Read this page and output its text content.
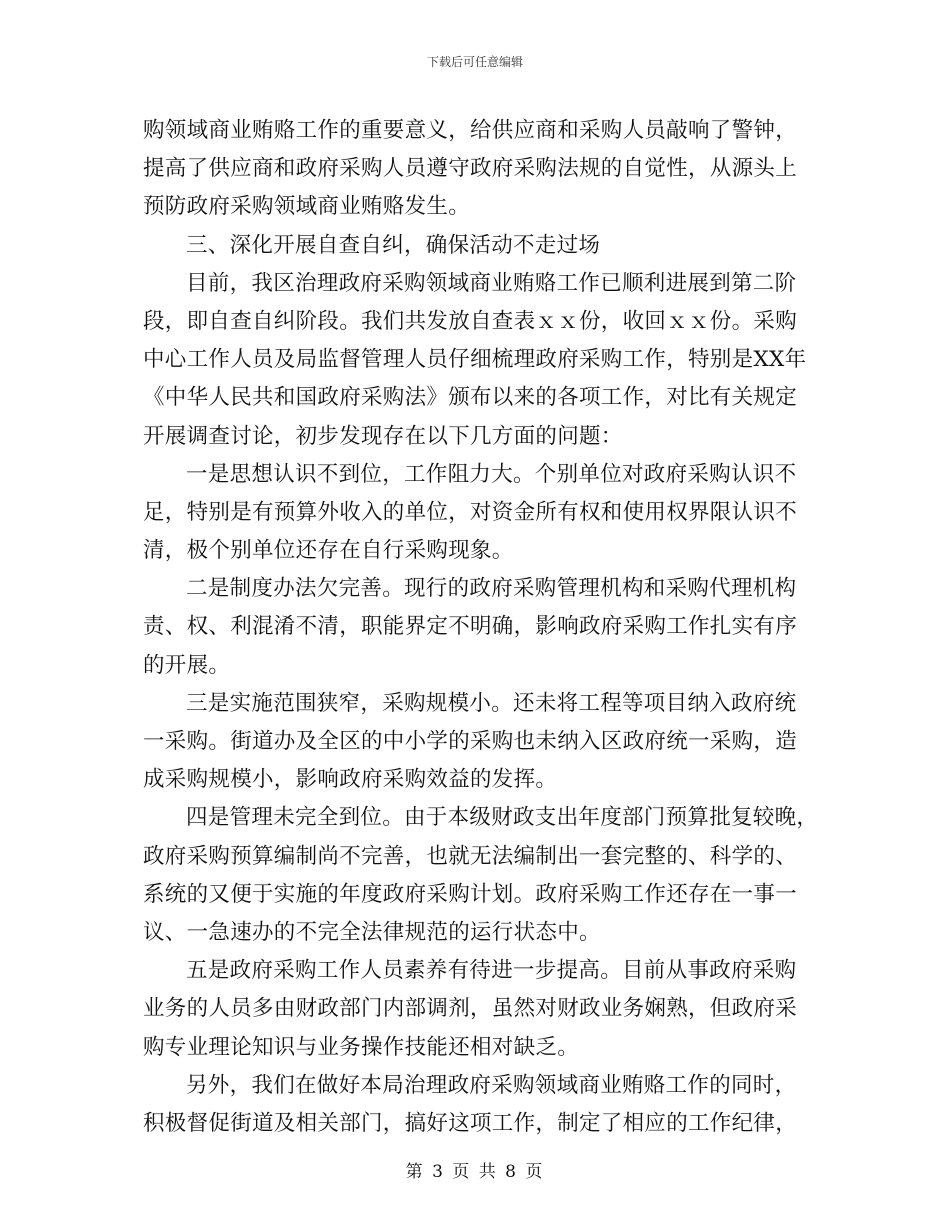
下载后可任意编辑
购领域商业贿赂工作的重要意义，给供应商和采购人员敲响了警钟，
提高了供应商和政府采购人员遵守政府采购法规的自觉性，从源头上
预防政府采购领域商业贿赂发生。
三、深化开展自查自纠，确保活动不走过场
目前，我区治理政府采购领域商业贿赂工作已顺利进展到第二阶
段，即自查自纠阶段。我们共发放自查表ｘｘ份，收回ｘｘ份。采购
中心工作人员及局监督管理人员仔细梳理政府采购工作，特别是XX年
《中华人民共和国政府采购法》颁布以来的各项工作，对比有关规定
开展调查讨论，初步发现存在以下几方面的问题：
一是思想认识不到位，工作阻力大。个别单位对政府采购认识不
足，特别是有预算外收入的单位，对资金所有权和使用权界限认识不
清，极个别单位还存在自行采购现象。
二是制度办法欠完善。现行的政府采购管理机构和采购代理机构
责、权、利混淆不清，职能界定不明确，影响政府采购工作扎实有序
的开展。
三是实施范围狭窄，采购规模小。还未将工程等项目纳入政府统
一采购。街道办及全区的中小学的采购也未纳入区政府统一采购，造
成采购规模小，影响政府采购效益的发挥。
四是管理未完全到位。由于本级财政支出年度部门预算批复较晚，
政府采购预算编制尚不完善，也就无法编制出一套完整的、科学的、
系统的又便于实施的年度政府采购计划。政府采购工作还存在一事一
议、一急速办的不完全法律规范的运行状态中。
五是政府采购工作人员素养有待进一步提高。目前从事政府采购
业务的人员多由财政部门内部调剂，虽然对财政业务娴熟，但政府采
购专业理论知识与业务操作技能还相对缺乏。
另外，我们在做好本局治理政府采购领域商业贿赂工作的同时，
积极督促街道及相关部门，搞好这项工作，制定了相应的工作纪律，
第 3 页 共 8 页
